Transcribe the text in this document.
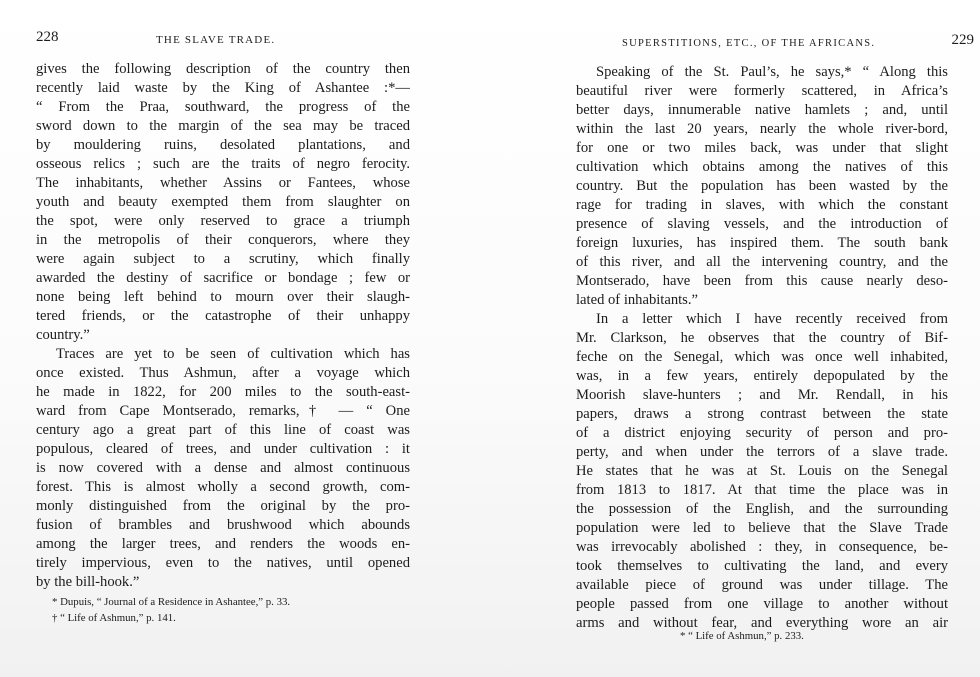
228	THE SLAVE TRADE.
gives the following description of the country then
recently laid waste by the King of Ashantee :*—
“ From the Praa, southward, the progress of the
sword down to the margin of the sea may be traced
by mouldering ruins, desolated plantations, and
osseous relics ; such are the traits of negro ferocity.
The inhabitants, whether Assins or Fantees, whose
youth and beauty exempted them from slaughter on
the spot, were only reserved to grace a triumph
in the metropolis of their conquerors, where they
were again subject to a scrutiny, which finally
awarded the destiny of sacrifice or bondage ; few or
none being left behind to mourn over their slaugh-
tered friends, or the catastrophe of their unhappy
country.”
Traces are yet to be seen of cultivation which has
once existed. Thus Ashmun, after a voyage which
he made in 1822, for 200 miles to the south-east-
ward from Cape Montserado, remarks,† — “ One
century ago a great part of this line of coast was
populous, cleared of trees, and under cultivation : it
is now covered with a dense and almost continuous
forest. This is almost wholly a second growth, com-
monly distinguished from the original by the pro-
fusion of brambles and brushwood which abounds
among the larger trees, and renders the woods en-
tirely impervious, even to the natives, until opened
by the bill-hook.”
* Dupuis, “ Journal of a Residence in Ashantee,” p. 33.
† “ Life of Ashmun,” p. 141.
SUPERSTITIONS, ETC., OF THE AFRICANS.	229
Speaking of the St. Paul’s, he says,* “ Along this
beautiful river were formerly scattered, in Africa’s
better days, innumerable native hamlets ; and, until
within the last 20 years, nearly the whole river-bord,
for one or two miles back, was under that slight
cultivation which obtains among the natives of this
country. But the population has been wasted by the
rage for trading in slaves, with which the constant
presence of slaving vessels, and the introduction of
foreign luxuries, has inspired them. The south bank
of this river, and all the intervening country, and the
Montserado, have been from this cause nearly deso-
lated of inhabitants.”
In a letter which I have recently received from
Mr. Clarkson, he observes that the country of Bif-
feche on the Senegal, which was once well inhabited,
was, in a few years, entirely depopulated by the
Moorish slave-hunters ; and Mr. Rendall, in his
papers, draws a strong contrast between the state
of a district enjoying security of person and pro-
perty, and when under the terrors of a slave trade.
He states that he was at St. Louis on the Senegal
from 1813 to 1817. At that time the place was in
the possession of the English, and the surrounding
population were led to believe that the Slave Trade
was irrevocably abolished : they, in consequence, be-
took themselves to cultivating the land, and every
available piece of ground was under tillage. The
people passed from one village to another without
arms and without fear, and everything wore an air
* “ Life of Ashmun,” p. 233.
